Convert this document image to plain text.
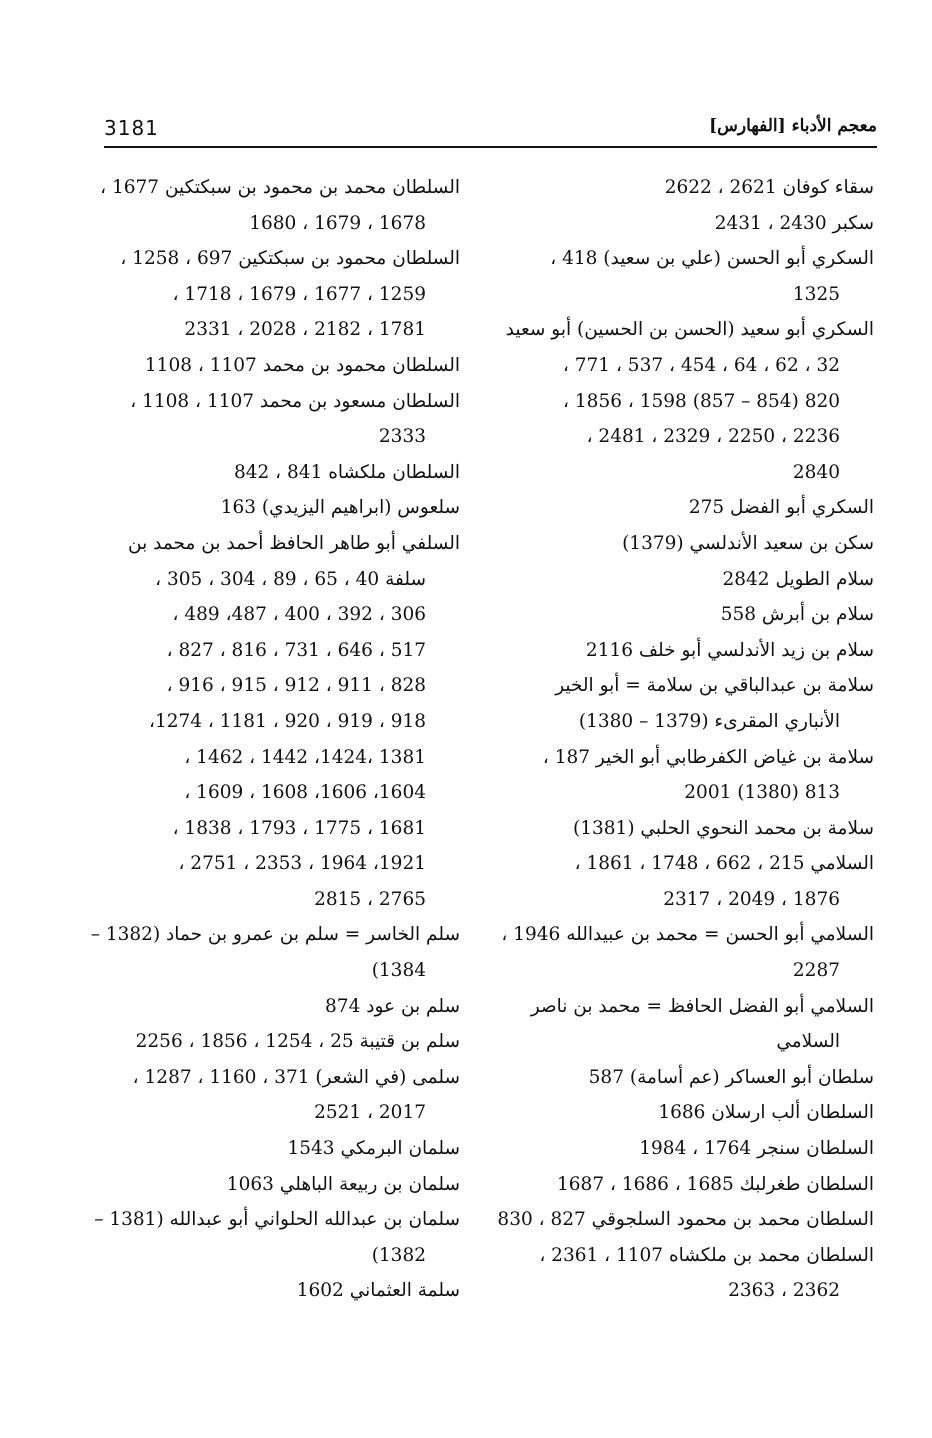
3181	معجم الأدباء [الفهارس]

سقاء كوفان 2621 ، 2622

سكبر 2430 ، 2431

السكري أبو الحسن (علي بن سعيد) 418 ،

1325

السكري أبو سعيد (الحسن بن الحسين) أبو سعيد

32 ، 62 ، 64 ، 454 ، 537 ، 771 ،

820 (854 – 857) 1598 ، 1856 ،

2236 ، 2250 ، 2329 ، 2481 ،

2840

السكري أبو الفضل 275

سكن بن سعيد الأندلسي (1379)

سلام الطويل 2842

سلام بن أبرش 558

سلام بن زيد الأندلسي أبو خلف 2116

سلامة بن عبدالباقي بن سلامة = أبو الخير

الأنباري المقرىء (1379 – 1380)

سلامة بن غياض الكفرطابي أبو الخير 187 ،

813 (1380) 2001

سلامة بن محمد النحوي الحلبي (1381)

السلامي 215 ، 662 ، 1748 ، 1861 ،

1876 ، 2049 ، 2317

السلامي أبو الحسن = محمد بن عبيدالله 1946 ،

2287

السلامي أبو الفضل الحافظ = محمد بن ناصر

السلامي

سلطان أبو العساكر (عم أسامة) 587

السلطان ألب ارسلان 1686

السلطان سنجر 1764 ، 1984

السلطان طغرلبك 1685 ، 1686 ، 1687

السلطان محمد بن محمود السلجوقي 827 ، 830

السلطان محمد بن ملكشاه 1107 ، 2361 ،

2362 ، 2363

السلطان محمد بن محمود بن سبكتكين 1677 ،

1678 ، 1679 ، 1680

السلطان محمود بن سبكتكين 697 ، 1258 ،

1259 ، 1677 ، 1679 ، 1718 ،

1781 ، 2182 ، 2028 ، 2331

السلطان محمود بن محمد 1107 ، 1108

السلطان مسعود بن محمد 1107 ، 1108 ،

2333

السلطان ملكشاه 841 ، 842

سلعوس (ابراهيم اليزيدي) 163

السلفي أبو طاهر الحافظ أحمد بن محمد بن

سلفة 40 ، 65 ، 89 ، 304 ، 305 ،

306 ، 392 ، 400 ، 487، 489 ،

517 ، 646 ، 731 ، 816 ، 827 ،

828 ، 911 ، 912 ، 915 ، 916 ،

918 ، 919 ، 920 ، 1181 ، 1274،

1381 ،1424، 1442 ، 1462 ،

1604، 1606، 1608 ، 1609 ،

1681 ، 1775 ، 1793 ، 1838 ،

1921، 1964 ، 2353 ، 2751 ،

2765 ، 2815

سلم الخاسر = سلم بن عمرو بن حماد (1382 –

1384)

سلم بن عود 874

سلم بن قتيبة 25 ، 1254 ، 1856 ، 2256

سلمى (في الشعر) 371 ، 1160 ، 1287 ،

2017 ، 2521

سلمان البرمكي 1543

سلمان بن ربيعة الباهلي 1063

سلمان بن عبدالله الحلواني أبو عبدالله (1381 –

1382)

سلمة العثماني 1602
